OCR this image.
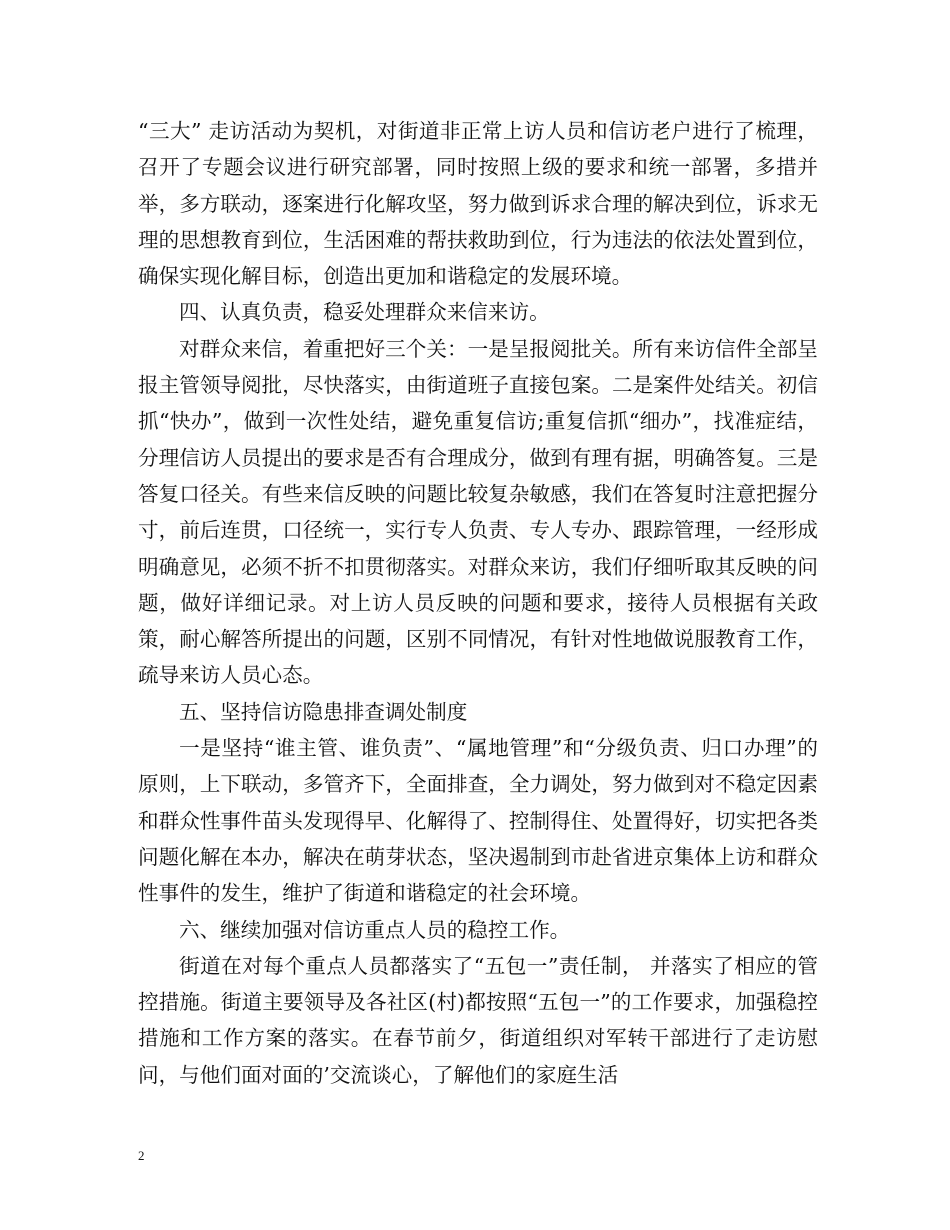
“三大” 走访活动为契机，对街道非正常上访人员和信访老户进行了梳理，召开了专题会议进行研究部署，同时按照上级的要求和统一部署，多措并举，多方联动，逐案进行化解攻坚，努力做到诉求合理的解决到位，诉求无理的思想教育到位，生活困难的帮扶救助到位，行为违法的依法处置到位，确保实现化解目标，创造出更加和谐稳定的发展环境。

四、认真负责，稳妥处理群众来信来访。

对群众来信，着重把好三个关：一是呈报阅批关。所有来访信件全部呈报主管领导阅批，尽快落实，由街道班子直接包案。二是案件处结关。初信抓“快办”，做到一次性处结，避免重复信访;重复信抓“细办”，找准症结，分理信访人员提出的要求是否有合理成分，做到有理有据，明确答复。三是答复口径关。有些来信反映的问题比较复杂敏感，我们在答复时注意把握分寸，前后连贯，口径统一，实行专人负责、专人专办、跟踪管理，一经形成明确意见，必须不折不扣贯彻落实。对群众来访，我们仔细听取其反映的问题，做好详细记录。对上访人员反映的问题和要求，接待人员根据有关政策，耐心解答所提出的问题，区别不同情况，有针对性地做说服教育工作，疏导来访人员心态。

五、坚持信访隐患排查调处制度

一是坚持“谁主管、谁负责”、“属地管理”和“分级负责、归口办理”的原则，上下联动，多管齐下，全面排查，全力调处，努力做到对不稳定因素和群众性事件苗头发现得早、化解得了、控制得住、处置得好，切实把各类问题化解在本办，解决在萌芽状态，坚决遏制到市赴省进京集体上访和群众性事件的发生，维护了街道和谐稳定的社会环境。

六、继续加强对信访重点人员的稳控工作。

街道在对每个重点人员都落实了“五包一”责任制， 并落实了相应的管控措施。街道主要领导及各社区(村)都按照“五包一”的工作要求，加强稳控措施和工作方案的落实。在春节前夕，街道组织对军转干部进行了走访慰问，与他们面对面的’交流谈心，了解他们的家庭生活

2
